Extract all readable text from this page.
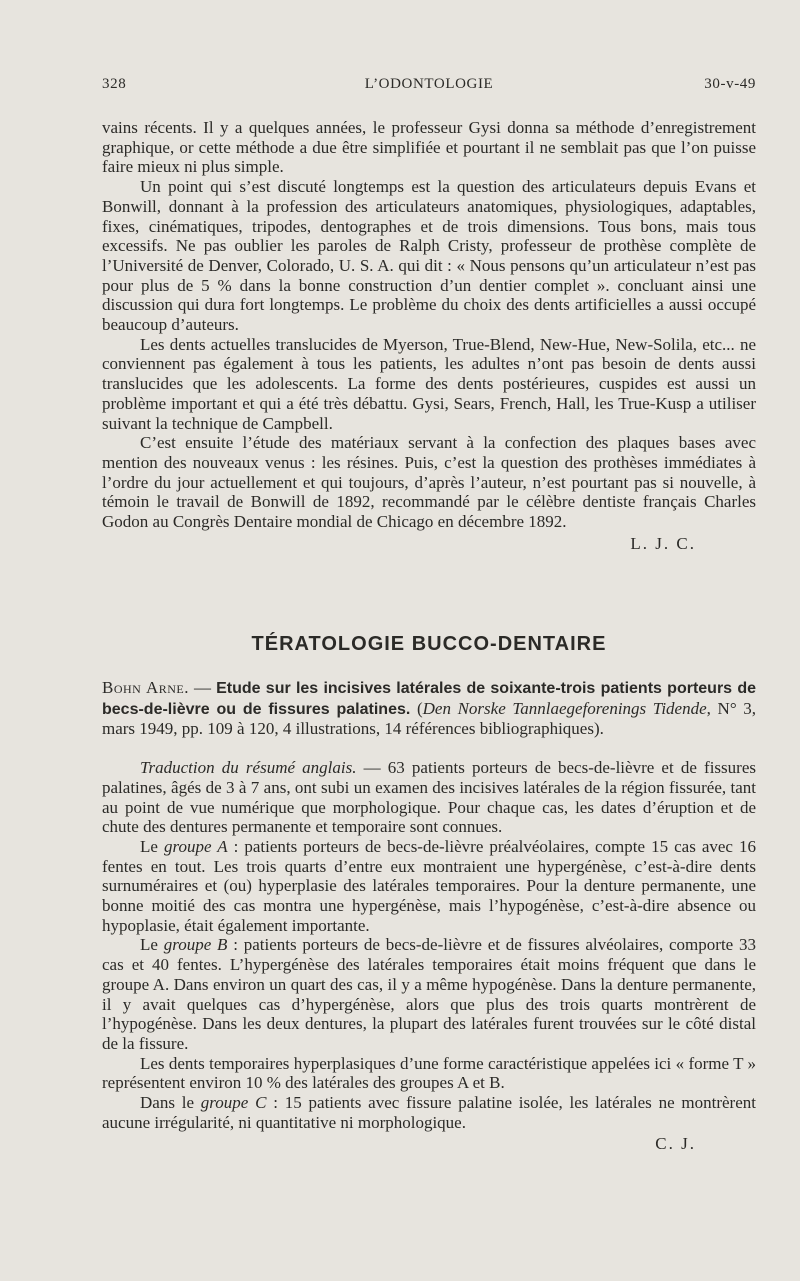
328	L’ODONTOLOGIE	30-v-49

vains récents. Il y a quelques années, le professeur Gysi donna sa méthode d’enregistrement graphique, or cette méthode a due être simplifiée et pourtant il ne semblait pas que l’on puisse faire mieux ni plus simple.

Un point qui s’est discuté longtemps est la question des articulateurs depuis Evans et Bonwill, donnant à la profession des articulateurs anatomiques, physiologiques, adaptables, fixes, cinématiques, tripodes, dentographes et de trois dimensions. Tous bons, mais tous excessifs. Ne pas oublier les paroles de Ralph Cristy, professeur de prothèse complète de l’Université de Denver, Colorado, U. S. A. qui dit : « Nous pensons qu’un articulateur n’est pas pour plus de 5 % dans la bonne construction d’un dentier complet ». concluant ainsi une discussion qui dura fort longtemps. Le problème du choix des dents artificielles a aussi occupé beaucoup d’auteurs.

Les dents actuelles translucides de Myerson, True-Blend, New-Hue, New-Solila, etc... ne conviennent pas également à tous les patients, les adultes n’ont pas besoin de dents aussi translucides que les adolescents. La forme des dents postérieures, cuspides est aussi un problème important et qui a été très débattu. Gysi, Sears, French, Hall, les True-Kusp a utiliser suivant la technique de Campbell.

C’est ensuite l’étude des matériaux servant à la confection des plaques bases avec mention des nouveaux venus : les résines. Puis, c’est la question des prothèses immédiates à l’ordre du jour actuellement et qui toujours, d’après l’auteur, n’est pourtant pas si nouvelle, à témoin le travail de Bonwill de 1892, recommandé par le célèbre dentiste français Charles Godon au Congrès Dentaire mondial de Chicago en décembre 1892.

L. J. C.

TÉRATOLOGIE BUCCO-DENTAIRE

Bohn Arne. — Etude sur les incisives latérales de soixante-trois patients porteurs de becs-de-lièvre ou de fissures palatines. (Den Norske Tannlaegeforenings Tidende, N° 3, mars 1949, pp. 109 à 120, 4 illustrations, 14 références bibliographiques).

Traduction du résumé anglais. — 63 patients porteurs de becs-de-lièvre et de fissures palatines, âgés de 3 à 7 ans, ont subi un examen des incisives latérales de la région fissurée, tant au point de vue numérique que morphologique. Pour chaque cas, les dates d’éruption et de chute des dentures permanente et temporaire sont connues.

Le groupe A : patients porteurs de becs-de-lièvre préalvéolaires, compte 15 cas avec 16 fentes en tout. Les trois quarts d’entre eux montraient une hypergénèse, c’est-à-dire dents surnuméraires et (ou) hyperplasie des latérales temporaires. Pour la denture permanente, une bonne moitié des cas montra une hypergénèse, mais l’hypogénèse, c’est-à-dire absence ou hypoplasie, était également importante.

Le groupe B : patients porteurs de becs-de-lièvre et de fissures alvéolaires, comporte 33 cas et 40 fentes. L’hypergénèse des latérales temporaires était moins fréquent que dans le groupe A. Dans environ un quart des cas, il y a même hypogénèse. Dans la denture permanente, il y avait quelques cas d’hypergénèse, alors que plus des trois quarts montrèrent de l’hypogénèse. Dans les deux dentures, la plupart des latérales furent trouvées sur le côté distal de la fissure.

Les dents temporaires hyperplasiques d’une forme caractéristique appelées ici « forme T » représentent environ 10 % des latérales des groupes A et B.

Dans le groupe C : 15 patients avec fissure palatine isolée, les latérales ne montrèrent aucune irrégularité, ni quantitative ni morphologique.

C. J.
